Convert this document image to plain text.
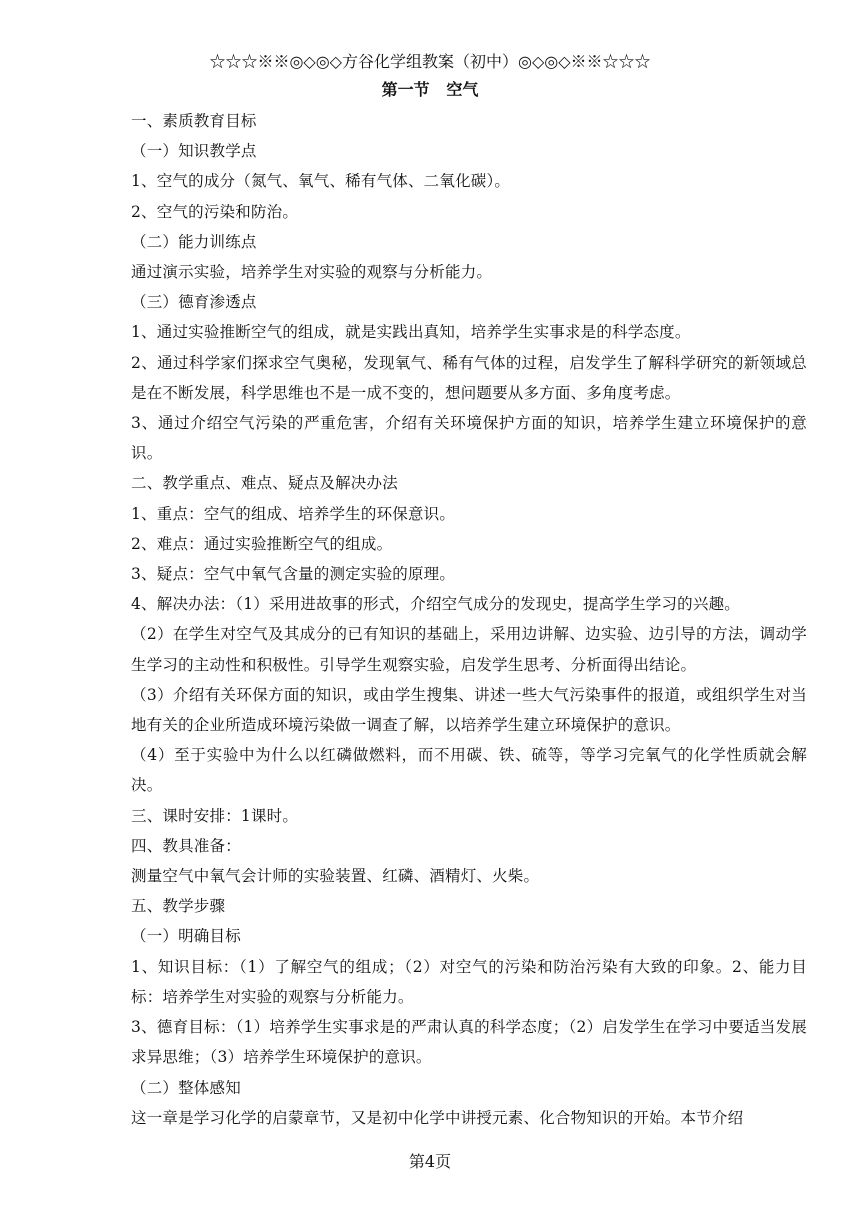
☆☆☆※※◎◇◎◇方谷化学组教案（初中）◎◇◎◇※※☆☆☆
第一节   空气

一、素质教育目标

（一）知识教学点

1、空气的成分（氮气、氧气、稀有气体、二氧化碳）。

2、空气的污染和防治。

（二）能力训练点

通过演示实验，培养学生对实验的观察与分析能力。

（三）德育渗透点

1、通过实验推断空气的组成，就是实践出真知，培养学生实事求是的科学态度。

2、通过科学家们探求空气奥秘，发现氧气、稀有气体的过程，启发学生了解科学研究的新领域总是在不断发展，科学思维也不是一成不变的，想问题要从多方面、多角度考虑。

3、通过介绍空气污染的严重危害，介绍有关环境保护方面的知识，培养学生建立环境保护的意识。

二、教学重点、难点、疑点及解决办法

1、重点：空气的组成、培养学生的环保意识。

2、难点：通过实验推断空气的组成。

3、疑点：空气中氧气含量的测定实验的原理。

4、解决办法：（1）采用进故事的形式，介绍空气成分的发现史，提高学生学习的兴趣。

（2）在学生对空气及其成分的已有知识的基础上，采用边讲解、边实验、边引导的方法，调动学生学习的主动性和积极性。引导学生观察实验，启发学生思考、分析面得出结论。

（3）介绍有关环保方面的知识，或由学生搜集、讲述一些大气污染事件的报道，或组织学生对当地有关的企业所造成环境污染做一调查了解，以培养学生建立环境保护的意识。

（4）至于实验中为什么以红磷做燃料，而不用碳、铁、硫等，等学习完氧气的化学性质就会解决。

三、课时安排：1课时。

四、教具准备：

测量空气中氧气会计师的实验装置、红磷、酒精灯、火柴。

五、教学步骤

（一）明确目标

1、知识目标：（1）了解空气的组成；（2）对空气的污染和防治污染有大致的印象。2、能力目标：培养学生对实验的观察与分析能力。

3、德育目标：（1）培养学生实事求是的严肃认真的科学态度；（2）启发学生在学习中要适当发展求异思维；（3）培养学生环境保护的意识。

（二）整体感知

这一章是学习化学的启蒙章节，又是初中化学中讲授元素、化合物知识的开始。本节介绍

第4页
